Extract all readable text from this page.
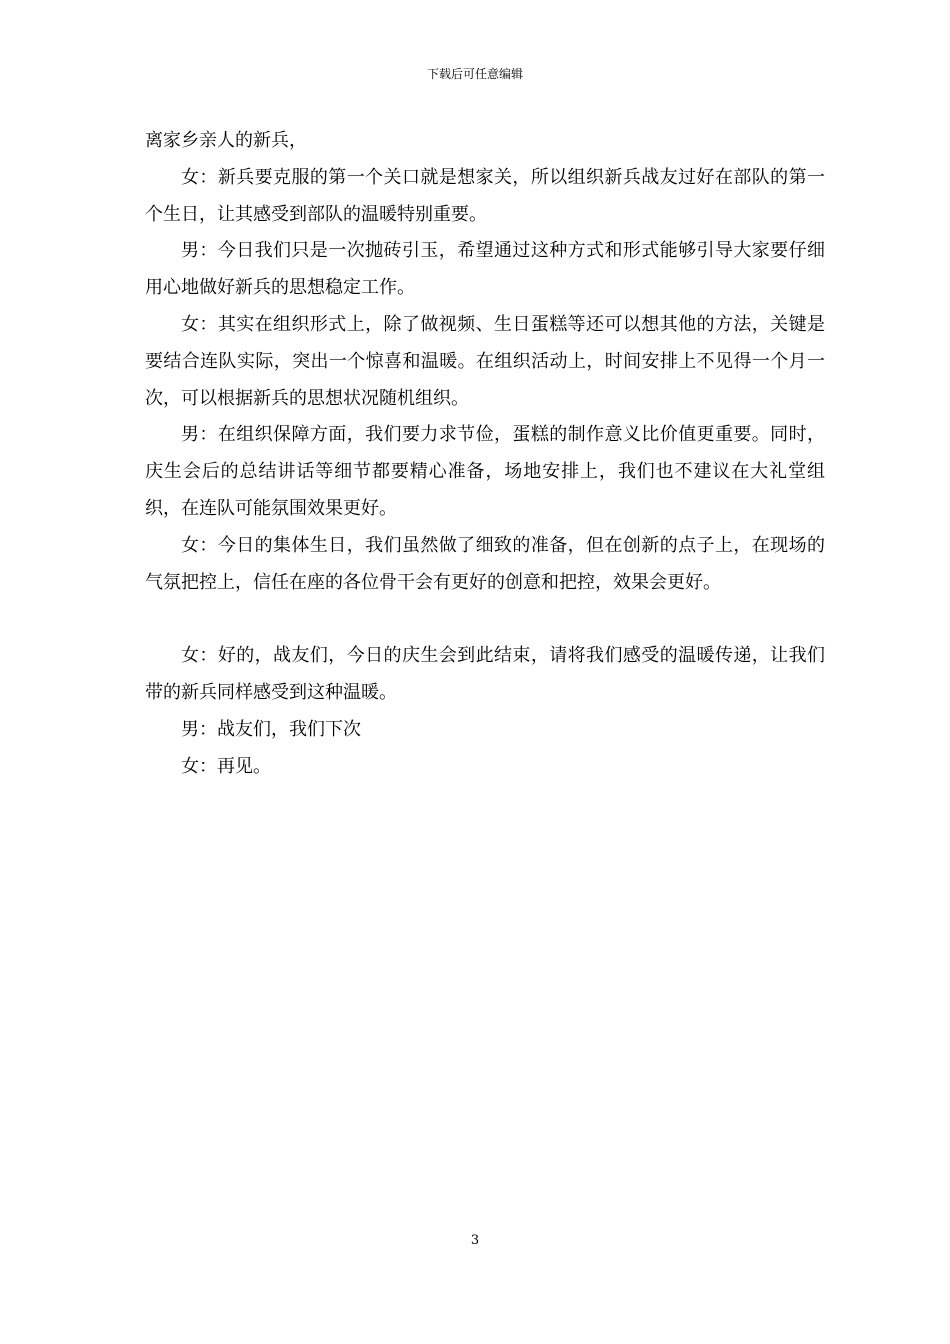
下载后可任意编辑

离家乡亲人的新兵，

女：新兵要克服的第一个关口就是想家关，所以组织新兵战友过好在部队的第一个生日，让其感受到部队的温暖特别重要。

男：今日我们只是一次抛砖引玉，希望通过这种方式和形式能够引导大家要仔细用心地做好新兵的思想稳定工作。

女：其实在组织形式上，除了做视频、生日蛋糕等还可以想其他的方法，关键是要结合连队实际，突出一个惊喜和温暖。在组织活动上，时间安排上不见得一个月一次，可以根据新兵的思想状况随机组织。

男：在组织保障方面，我们要力求节俭，蛋糕的制作意义比价值更重要。同时，庆生会后的总结讲话等细节都要精心准备，场地安排上，我们也不建议在大礼堂组织，在连队可能氛围效果更好。

女：今日的集体生日，我们虽然做了细致的准备，但在创新的点子上，在现场的气氛把控上，信任在座的各位骨干会有更好的创意和把控，效果会更好。

女：好的，战友们，今日的庆生会到此结束，请将我们感受的温暖传递，让我们带的新兵同样感受到这种温暖。

男：战友们，我们下次

女：再见。

3
